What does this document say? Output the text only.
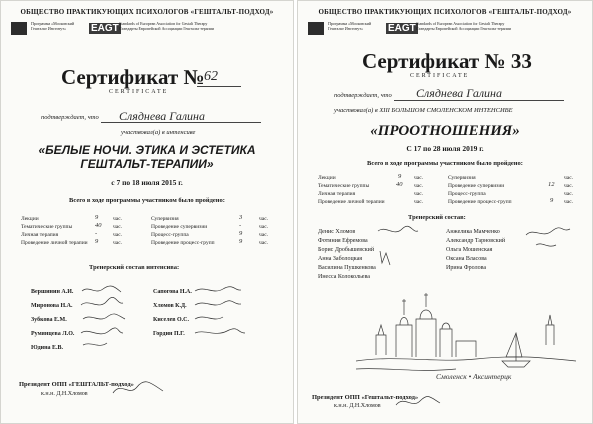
ОБЩЕСТВО ПРАКТИКУЮЩИХ ПСИХОЛОГОВ «ГЕШТАЛЬТ-ПОДХОД»
Программа «Московский
Гештальт Институт»	EAGT Standards of European Association for Gestalt Therapy
Стандарты Европейской Ассоциации Гештальт терапии
Сертификат № 62
CERTIFICATE
подтверждает, что Сляднева Галина
участвовал(а) в интенсиве
«БЕЛЫЕ НОЧИ. ЭТИКА И ЭСТЕТИКА
ГЕШТАЛЬТ-ТЕРАПИИ»
с 7 по 18 июля 2015 г.
Всего в ходе программы участником было пройдено:
Лекции	9	час.
Тематические группы	40 час.
Личная терапия	-	час.
Проведение личной терапии 9	час.
Супервизия	3	час.
Проведение супервизии	-	час.
Процесс-группа	9	час.
Проведение процесс-групп	9	час.
Тренерский состав интенсива:
Вершинин А.И.
Миронова Н.А.
Зубкова Е.М.
Румянцева Л.О.
Юдина Е.В.
Сапогова Н.А.
Хломов К.Д.
Киселев О.С.
Гордин П.Г.
Президент ОПП «ГЕШТАЛЬТ-подход»
к.н.н. Д.Н.Хломов
ОБЩЕСТВО ПРАКТИКУЮЩИХ ПСИХОЛОГОВ «ГЕШТАЛЬТ-ПОДХОД»
Программа «Московский
Гештальт Институт»	EAGT Standards of European Association for Gestalt Therapy
Стандарты Европейской Ассоциации Гештальт терапии
Сертификат № 33
CERTIFICATE
подтверждает, что Сляднева Галина
участвовал(а) в XIII БОЛЬШОМ СМОЛЕНСКОМ ИНТЕНСИВЕ
«ПРООТНОШЕНИЯ»
С 17 по 28 июля 2019 г.
Всего в ходе программы участником было пройдено:
Лекции	9 час.
Тематические группы	40 час.
Личная терапия	час.
Проведение личной терапии	час.
Супервизия	час.
Проведение супервизии	12 час.
Процесс-группа	час.
Проведение процесс-групп	9 час.
Тренерский состав:
Денис Хломов
Фотиния Ефремова
Борис Дробышевский
Анна Заболоцкая
Василина Пушкенкова
Инесса Колокольева
Анжелика Мамченко
Александр Тарновский
Ольга Мошенская
Оксана Власова
Ирина Фролова
Смоленск • Аксинтерцк
Президент ОПП «Гештальт-подход»
к.н.н. Д.Н.Хломов
